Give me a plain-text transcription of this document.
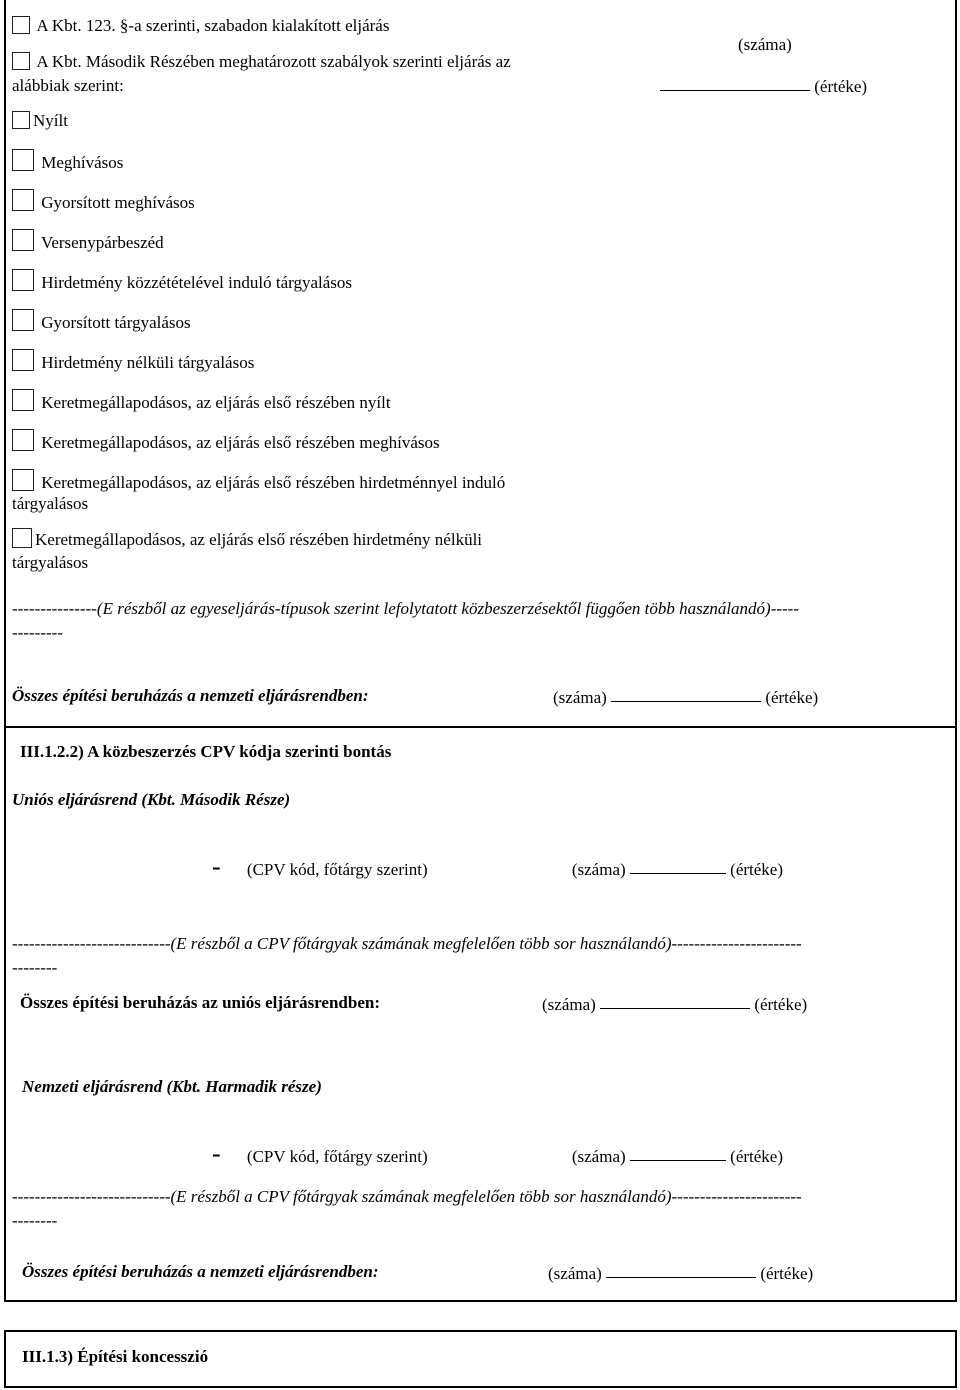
A Kbt. 123. §-a szerinti, szabadon kialakított eljárás
A Kbt. Második Részében meghatározott szabályok szerinti eljárás az
alábbiak szerint:
(száma)
(értéke)
Nyílt
Meghívásos
Gyorsított meghívásos
Versenypárbeszéd
Hirdetmény közzétételével induló tárgyalásos
Gyorsított tárgyalásos
Hirdetmény nélküli tárgyalásos
Keretmegállapodásos, az eljárás első részében nyílt
Keretmegállapodásos, az eljárás első részében meghívásos
Keretmegállapodásos, az eljárás első részében hirdetménnyel induló
tárgyalásos
Keretmegállapodásos, az eljárás első részében hirdetmény nélküli
tárgyalásos
---------------(E részből az egyeseljárás-típusok szerint lefolytatott közbeszerzésektől függően több használandó)-----
---------
Összes építési beruházás a nemzeti eljárásrendben:	(száma)	(értéke)
III.1.2.2) A közbeszerzés CPV kódja szerinti bontás
Uniós eljárásrend (Kbt. Második Része)
- (CPV kód, főtárgy szerint)	(száma)	(értéke)
----------------------------(E részből a CPV főtárgyak számának megfelelően több sor használandó)-----------------------
--------
Összes építési beruházás az uniós eljárásrendben:	(száma)	(értéke)
Nemzeti eljárásrend (Kbt. Harmadik része)
- (CPV kód, főtárgy szerint)	(száma)	(értéke)
----------------------------(E részből a CPV főtárgyak számának megfelelően több sor használandó)-----------------------
--------
Összes építési beruházás a nemzeti eljárásrendben:	(száma)	(értéke)
III.1.3) Építési koncesszió
